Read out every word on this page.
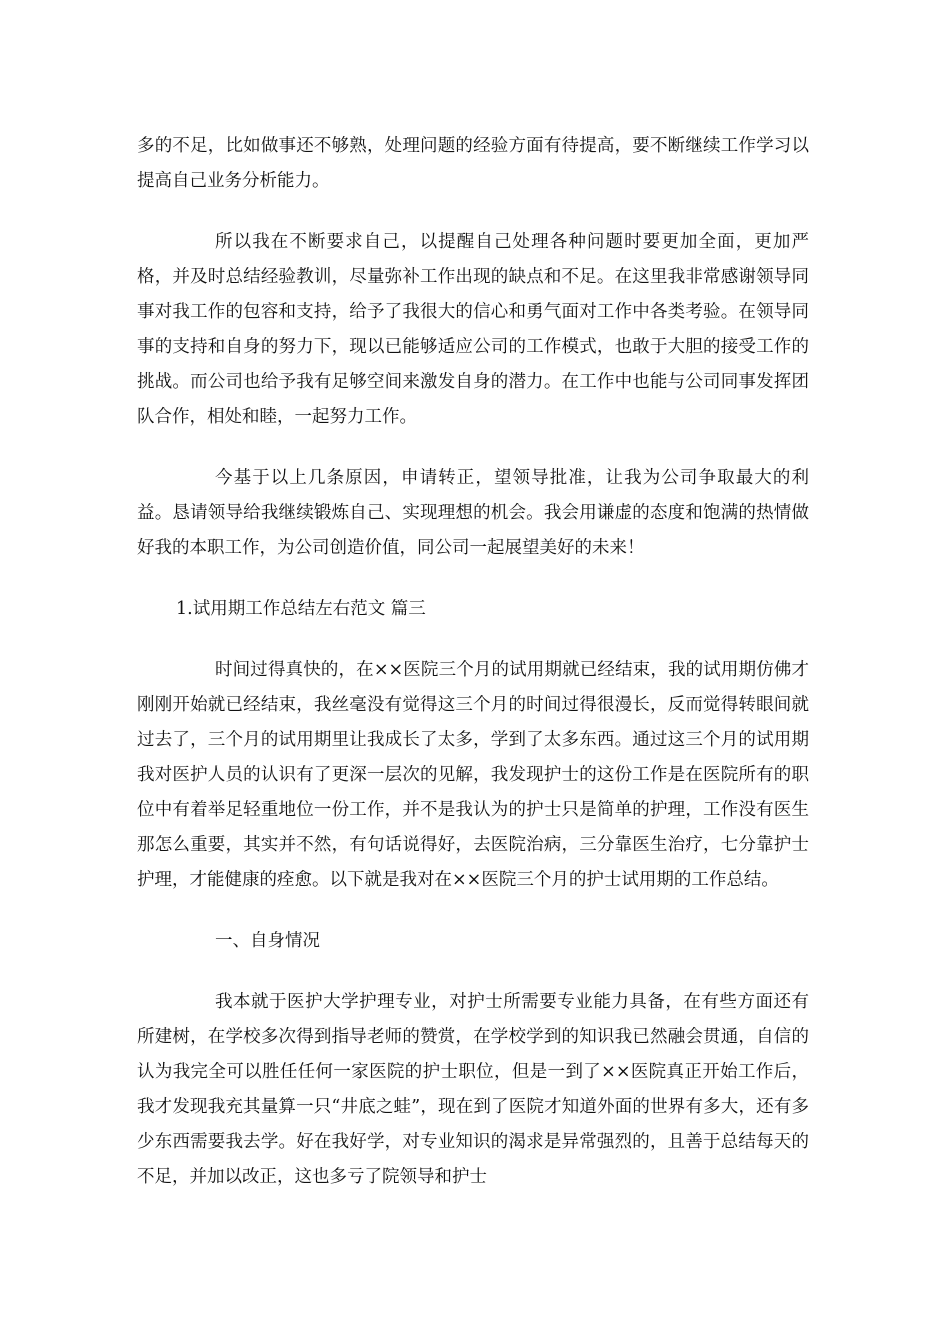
多的不足，比如做事还不够熟，处理问题的经验方面有待提高，要不断继续工作学习以提高自己业务分析能力。

所以我在不断要求自己，以提醒自己处理各种问题时要更加全面，更加严格，并及时总结经验教训，尽量弥补工作出现的缺点和不足。在这里我非常感谢领导同事对我工作的包容和支持，给予了我很大的信心和勇气面对工作中各类考验。在领导同事的支持和自身的努力下，现以已能够适应公司的工作模式，也敢于大胆的接受工作的挑战。而公司也给予我有足够空间来激发自身的潜力。在工作中也能与公司同事发挥团队合作，相处和睦，一起努力工作。

今基于以上几条原因，申请转正，望领导批准，让我为公司争取最大的利益。恳请领导给我继续锻炼自己、实现理想的机会。我会用谦虚的态度和饱满的热情做好我的本职工作，为公司创造价值，同公司一起展望美好的未来！

1.试用期工作总结左右范文 篇三

时间过得真快的，在××医院三个月的试用期就已经结束，我的试用期仿佛才刚刚开始就已经结束，我丝毫没有觉得这三个月的时间过得很漫长，反而觉得转眼间就过去了，三个月的试用期里让我成长了太多，学到了太多东西。通过这三个月的试用期我对医护人员的认识有了更深一层次的见解，我发现护士的这份工作是在医院所有的职位中有着举足轻重地位一份工作，并不是我认为的护士只是简单的护理，工作没有医生那怎么重要，其实并不然，有句话说得好，去医院治病，三分靠医生治疗，七分靠护士护理，才能健康的痊愈。以下就是我对在××医院三个月的护士试用期的工作总结。

一、自身情况

我本就于医护大学护理专业，对护士所需要专业能力具备，在有些方面还有所建树，在学校多次得到指导老师的赞赏，在学校学到的知识我已然融会贯通，自信的认为我完全可以胜任任何一家医院的护士职位，但是一到了××医院真正开始工作后，我才发现我充其量算一只“井底之蛙”，现在到了医院才知道外面的世界有多大，还有多少东西需要我去学。好在我好学，对专业知识的渴求是异常强烈的，且善于总结每天的不足，并加以改正，这也多亏了院领导和护士
